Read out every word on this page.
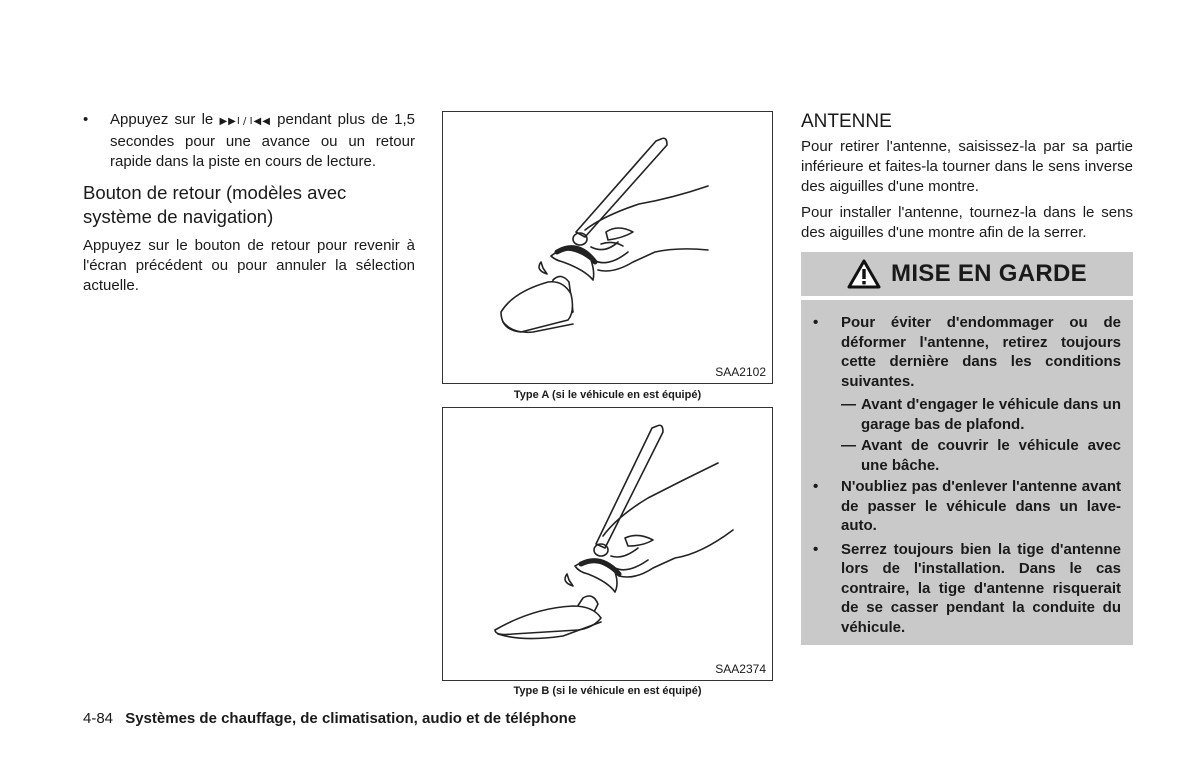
• Appuyez sur le ▶▶I / I◀◀ pendant plus de 1,5 secondes pour une avance ou un retour rapide dans la piste en cours de lecture.
Bouton de retour (modèles avec système de navigation)
Appuyez sur le bouton de retour pour revenir à l'écran précédent ou pour annuler la sélection actuelle.
SAA2102
Type A (si le véhicule en est équipé)
SAA2374
Type B (si le véhicule en est équipé)
ANTENNE
Pour retirer l'antenne, saisissez-la par sa partie inférieure et faites-la tourner dans le sens inverse des aiguilles d'une montre.
Pour installer l'antenne, tournez-la dans le sens des aiguilles d'une montre afin de la serrer.
MISE EN GARDE
• Pour éviter d'endommager ou de déformer l'antenne, retirez toujours cette dernière dans les conditions suivantes.
— Avant d'engager le véhicule dans un garage bas de plafond.
— Avant de couvrir le véhicule avec une bâche.
• N'oubliez pas d'enlever l'antenne avant de passer le véhicule dans un lave-auto.
• Serrez toujours bien la tige d'antenne lors de l'installation. Dans le cas contraire, la tige d'antenne risquerait de se casser pendant la conduite du véhicule.
4-84 Systèmes de chauffage, de climatisation, audio et de téléphone
